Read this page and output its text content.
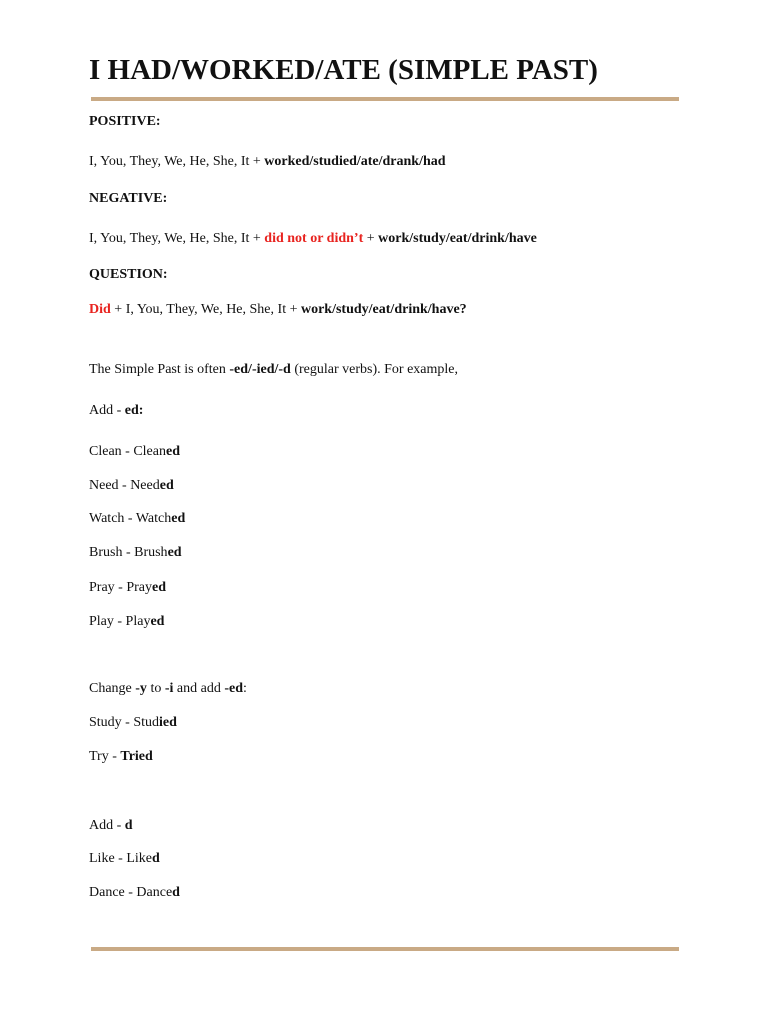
I HAD/WORKED/ATE (SIMPLE PAST)

POSITIVE:

I, You, They, We, He, She, It + worked/studied/ate/drank/had

NEGATIVE:

I, You, They, We, He, She, It + did not or didn’t + work/study/eat/drink/have

QUESTION:

Did + I, You, They, We, He, She, It + work/study/eat/drink/have?

The Simple Past is often -ed/-ied/-d (regular verbs). For example,

Add - ed:

Clean - Cleaned

Need - Needed

Watch - Watched

Brush - Brushed

Pray - Prayed

Play - Played

Change -y to -i and add -ed:

Study - Studied

Try - Tried

Add - d

Like - Liked

Dance - Danced
